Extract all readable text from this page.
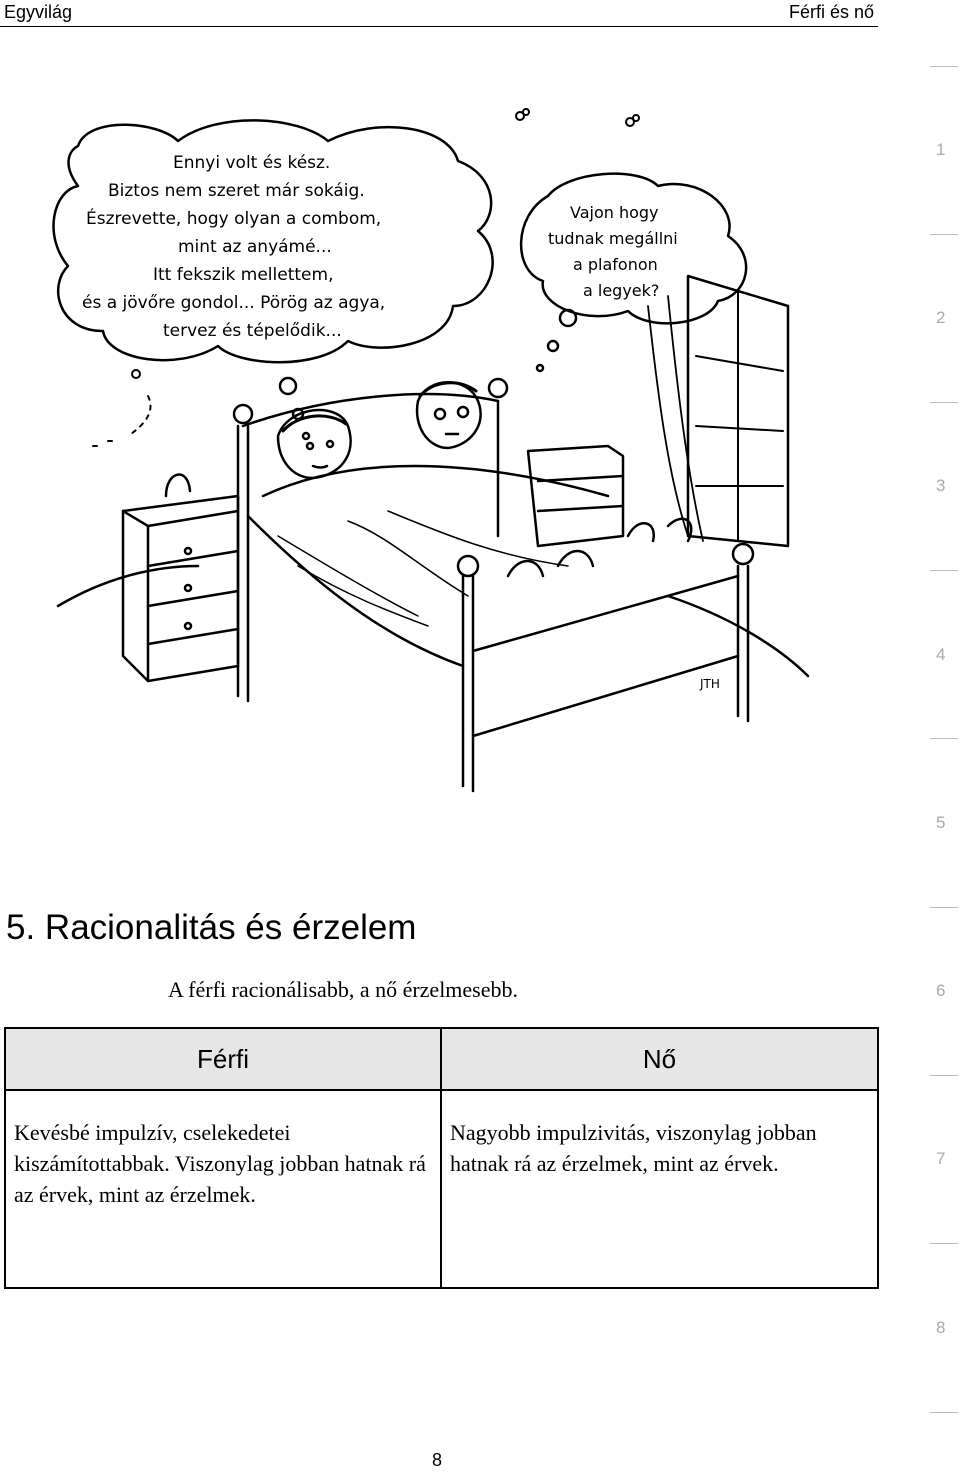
Egyvilág	Férfi és nő
1
2
3
4
5
6
7
8
Ennyi volt és kész.
Biztos nem szeret már sokáig.
Észrevette, hogy olyan a combom,
mint az anyámé...
Itt fekszik mellettem,
és a jövőre gondol... Pörög az agya,
tervez és tépelődik...
Vajon hogy
tudnak megállni
a plafonon
a legyek?
JTH
5. Racionalitás és érzelem
A férfi racionálisabb, a nő érzelmesebb.
Férfi	Nő
Kevésbé impulzív, cselekedetei kiszámítottabbak. Viszonylag jobban hatnak rá az érvek, mint az érzelmek.	Nagyobb impulzivitás, viszonylag jobban hatnak rá az érzelmek, mint az érvek.
8
